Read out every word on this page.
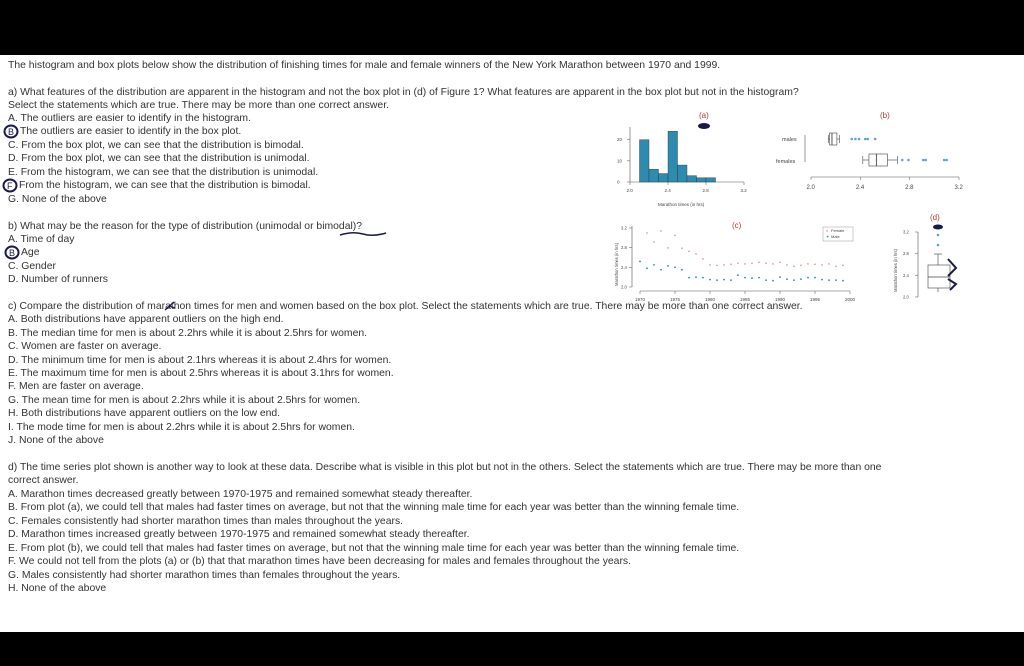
The histogram and box plots below show the distribution of finishing times for male and female winners of the New York Marathon between 1970 and 1999.
a) What features of the distribution are apparent in the histogram and not the box plot in (d) of Figure 1? What features are apparent in the box plot but not in the histogram?
Select the statements which are true. There may be more than one correct answer.
A. The outliers are easier to identify in the histogram.
The outliers are easier to identify in the box plot.
C. From the box plot, we can see that the distribution is bimodal.
D. From the box plot, we can see that the distribution is unimodal.
E. From the histogram, we can see that the distribution is unimodal.
From the histogram, we can see that the distribution is bimodal.
G. None of the above
B
F
b) What may be the reason for the type of distribution (unimodal or bimodal)?
A. Time of day
Age
B
C. Gender
D. Number of runners
c) Compare the distribution of marathon times for men and women based on the box plot. Select the statements which are true. There may be more than one correct answer.
A. Both distributions have apparent outliers on the high end.
B. The median time for men is about 2.2hrs while it is about 2.5hrs for women.
C. Women are faster on average.
D. The minimum time for men is about 2.1hrs whereas it is about 2.4hrs for women.
E. The maximum time for men is about 2.5hrs whereas it is about 3.1hrs for women.
F. Men are faster on average.
G. The mean time for men is about 2.2hrs while it is about 2.5hrs for women.
H. Both distributions have apparent outliers on the low end.
I. The mode time for men is about 2.2hrs while it is about 2.5hrs for women.
J. None of the above
d) The time series plot shown is another way to look at these data. Describe what is visible in this plot but not in the others. Select the statements which are true. There may be more than one
correct answer.
A. Marathon times decreased greatly between 1970-1975 and remained somewhat steady thereafter.
B. From plot (a), we could tell that males had faster times on average, but not that the winning male time for each year was better than the winning female time.
C. Females consistently had shorter marathon times than males throughout the years.
D. Marathon times increased greatly between 1970-1975 and remained somewhat steady thereafter.
E. From plot (b), we could tell that males had faster times on average, but not that the winning male time for each year was better than the winning female time.
F. We could not tell from the plots (a) or (b) that that marathon times have been decreasing for males and females throughout the years.
G. Males consistently had shorter marathon times than females throughout the years.
H. None of the above
(a)
0
10
20
2.0	2.4	2.8	3.2
Marathon times (in hrs)
(b)
males
females
2.0	2.4	2.8	3.2
(c)
Marathon times (in hrs)
× Female
Male
×
×
×
×
×
×
× ×
×
× × × × × × × × × × × × × × × × × × × ×
2.0
2.4
2.8
3.2
1970	1975	1980	1985	1990	1995	2000
(d)
Marathon times (in hrs)
2.0
2.4
2.8
3.2
